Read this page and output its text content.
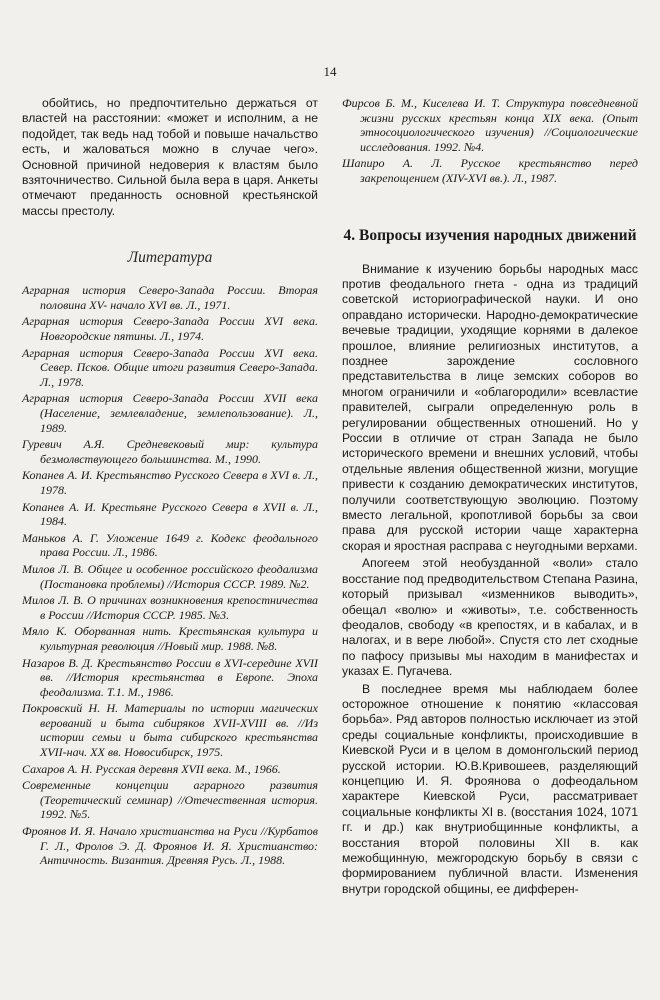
14

обойтись, но предпочтительно держаться от властей на расстоянии: «может и исполним, а не подойдет, так ведь над тобой и повыше начальство есть, и жаловаться можно в случае чего». Основной причиной недоверия к властям было взяточничество. Сильной была вера в царя. Анкеты отмечают преданность основной крестьянской массы престолу.

Литература
Аграрная история Северо-Запада России. Вторая половина XV- начало XVI вв. Л., 1971.
Аграрная история Северо-Запада России XVI века. Новгородские пятины. Л., 1974.
Аграрная история Северо-Запада России XVI века. Север. Псков. Общие итоги развития Северо-Запада. Л., 1978.
Аграрная история Северо-Запада России XVII века (Население, землевладение, землепользование). Л., 1989.
Гуревич А.Я. Средневековый мир: культура безмолвствующего большинства. М., 1990.
Копанев А. И. Крестьянство Русского Севера в XVI в. Л., 1978.
Копанев А. И. Крестьяне Русского Севера в XVII в. Л., 1984.
Маньков А. Г. Уложение 1649 г. Кодекс феодального права России. Л., 1986.
Милов Л. В. Общее и особенное российского феодализма (Постановка проблемы) //История СССР. 1989. №2.
Милов Л. В. О причинах возникновения крепостничества в России //История СССР. 1985. №3.
Мяло К. Оборванная нить. Крестьянская культура и культурная революция //Новый мир. 1988. №8.
Назаров В. Д. Крестьянство России в XVI-середине XVII вв. //История крестьянства в Европе. Эпоха феодализма. Т.1. М., 1986.
Покровский Н. Н. Материалы по истории магических верований и быта сибиряков XVII-XVIII вв. //Из истории семьи и быта сибирского крестьянства XVII-нач. XX вв. Новосибирск, 1975.
Сахаров А. Н. Русская деревня XVII века. М., 1966.
Современные концепции аграрного развития (Теоретический семинар) //Отечественная история. 1992. №5.
Фроянов И. Я. Начало христианства на Руси //Курбатов Г. Л., Фролов Э. Д. Фроянов И. Я. Христианство: Античность. Византия. Древняя Русь. Л., 1988.
Фирсов Б. М., Киселева И. Т. Структура повседневной жизни русских крестьян конца XIX века. (Опыт этносоциологического изучения) //Социологические исследования. 1992. №4.
Шапиро А. Л. Русское крестьянство перед закрепощением (XIV-XVI вв.). Л., 1987.
4. Вопросы изучения народных движений

Внимание к изучению борьбы народных масс против феодального гнета - одна из традиций советской историографической науки. И оно оправдано исторически. Народно-демократические вечевые традиции, уходящие корнями в далекое прошлое, влияние религиозных институтов, а позднее зарождение сословного представительства в лице земских соборов во многом ограничили и «облагородили» всевластие правителей, сыграли определенную роль в регулировании общественных отношений. Но у России в отличие от стран Запада не было исторического времени и внешних условий, чтобы отдельные явления общественной жизни, могущие привести к созданию демократических институтов, получили соответствующую эволюцию. Поэтому вместо легальной, кропотливой борьбы за свои права для русской истории чаще характерна скорая и яростная расправа с неугодными верхами.

Апогеем этой необузданной «воли» стало восстание под предводительством Степана Разина, который призывал «изменников выводить», обещал «волю» и «животы», т.е. собственность феодалов, свободу «в крепостях, и в кабалах, и в налогах, и в вере любой». Спустя сто лет сходные по пафосу призывы мы находим в манифестах и указах Е. Пугачева.

В последнее время мы наблюдаем более осторожное отношение к понятию «классовая борьба». Ряд авторов полностью исключает из этой среды социальные конфликты, происходившие в Киевской Руси и в целом в домонгольский период русской истории. Ю.В.Кривошеев, разделяющий концепцию И. Я. Фроянова о дофеодальном характере Киевской Руси, рассматривает социальные конфликты XI в. (восстания 1024, 1071 гг. и др.) как внутриобщинные конфликты, а восстания второй половины XII в. как межобщинную, межгородскую борьбу в связи с формированием публичной власти. Изменения внутри городской общины, ее дифферен-
